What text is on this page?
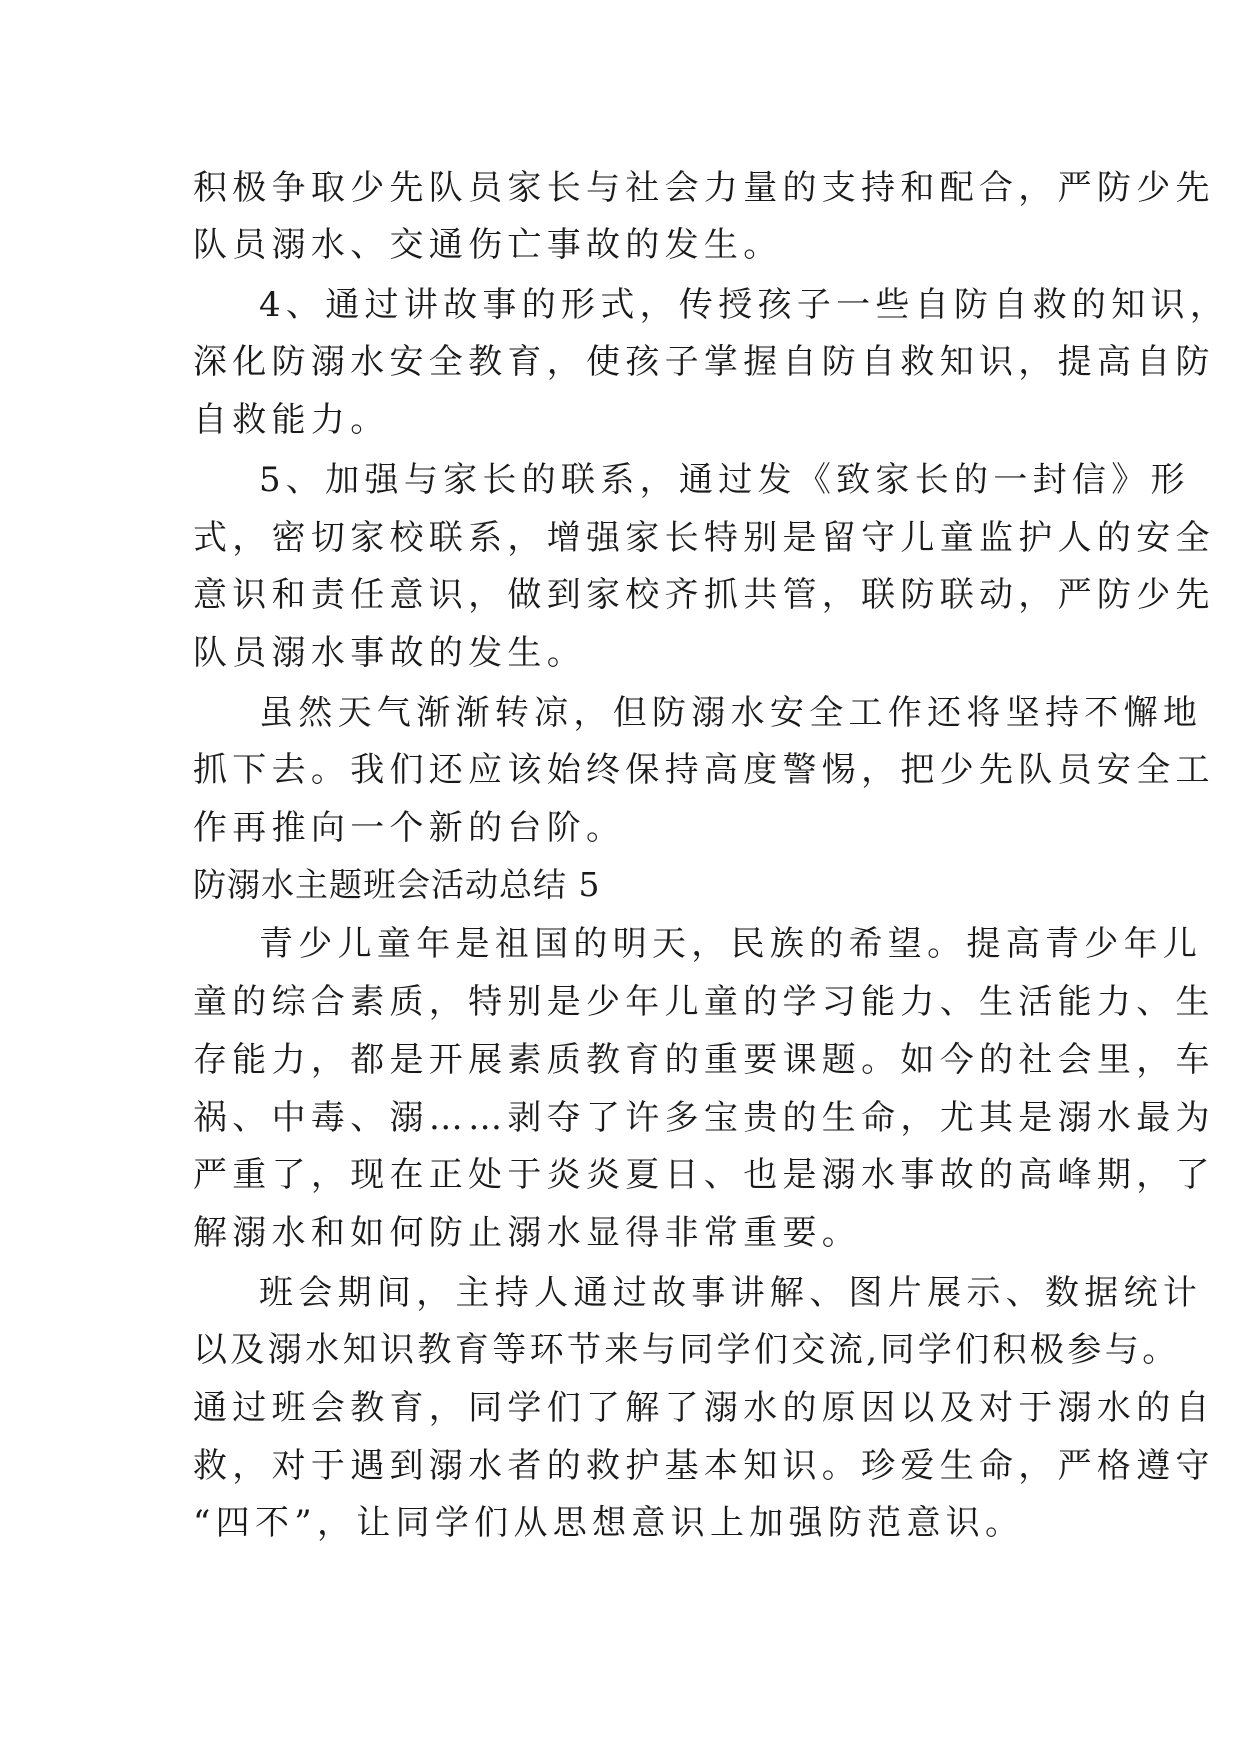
积极争取少先队员家长与社会力量的支持和配合，严防少先
队员溺水、交通伤亡事故的发生。
4、通过讲故事的形式，传授孩子一些自防自救的知识，
深化防溺水安全教育，使孩子掌握自防自救知识，提高自防
自救能力。
5、加强与家长的联系，通过发《致家长的一封信》形
式，密切家校联系，增强家长特别是留守儿童监护人的安全
意识和责任意识，做到家校齐抓共管，联防联动，严防少先
队员溺水事故的发生。
虽然天气渐渐转凉，但防溺水安全工作还将坚持不懈地
抓下去。我们还应该始终保持高度警惕，把少先队员安全工
作再推向一个新的台阶。
防溺水主题班会活动总结 5
青少儿童年是祖国的明天，民族的希望。提高青少年儿
童的综合素质，特别是少年儿童的学习能力、生活能力、生
存能力，都是开展素质教育的重要课题。如今的社会里，车
祸、中毒、溺……剥夺了许多宝贵的生命，尤其是溺水最为
严重了，现在正处于炎炎夏日、也是溺水事故的高峰期，了
解溺水和如何防止溺水显得非常重要。
班会期间，主持人通过故事讲解、图片展示、数据统计
以及溺水知识教育等环节来与同学们交流,同学们积极参与。
通过班会教育，同学们了解了溺水的原因以及对于溺水的自
救，对于遇到溺水者的救护基本知识。珍爱生命，严格遵守
“四不”，让同学们从思想意识上加强防范意识。
